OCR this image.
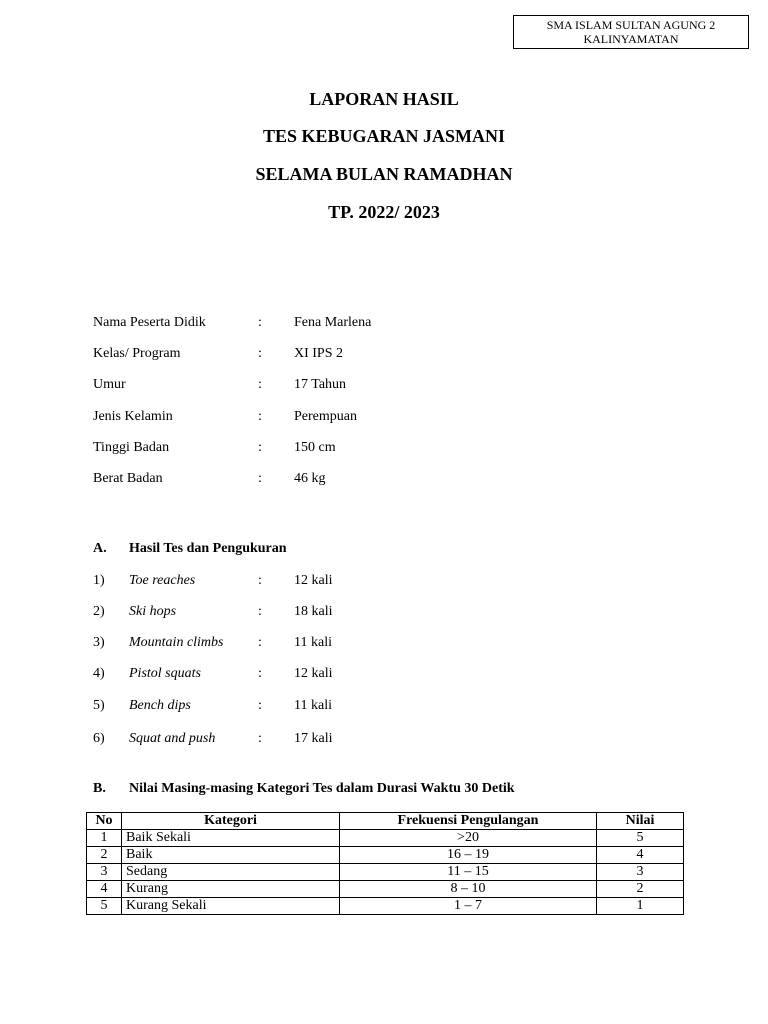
SMA ISLAM SULTAN AGUNG 2
KALINYAMATAN
LAPORAN HASIL
TES KEBUGARAN JASMANI
SELAMA BULAN RAMADHAN
TP. 2022/ 2023
Nama Peserta Didik	: Fena Marlena
Kelas/ Program	: XI IPS 2
Umur	: 17 Tahun
Jenis Kelamin	: Perempuan
Tinggi Badan	: 150 cm
Berat Badan	: 46 kg
A. Hasil Tes dan Pengukuran
1) Toe reaches	: 12 kali
2) Ski hops	: 18 kali
3) Mountain climbs : 11 kali
4) Pistol squats	: 12 kali
5) Bench dips	: 11 kali
6) Squat and push	: 17 kali
B. Nilai Masing-masing Kategori Tes dalam Durasi Waktu 30 Detik
No	Kategori	Frekuensi Pengulangan	Nilai
1	Baik Sekali	>20	5
2	Baik	16 – 19	4
3	Sedang	11 – 15	3
4	Kurang	8 – 10	2
5	Kurang Sekali	1 – 7	1
